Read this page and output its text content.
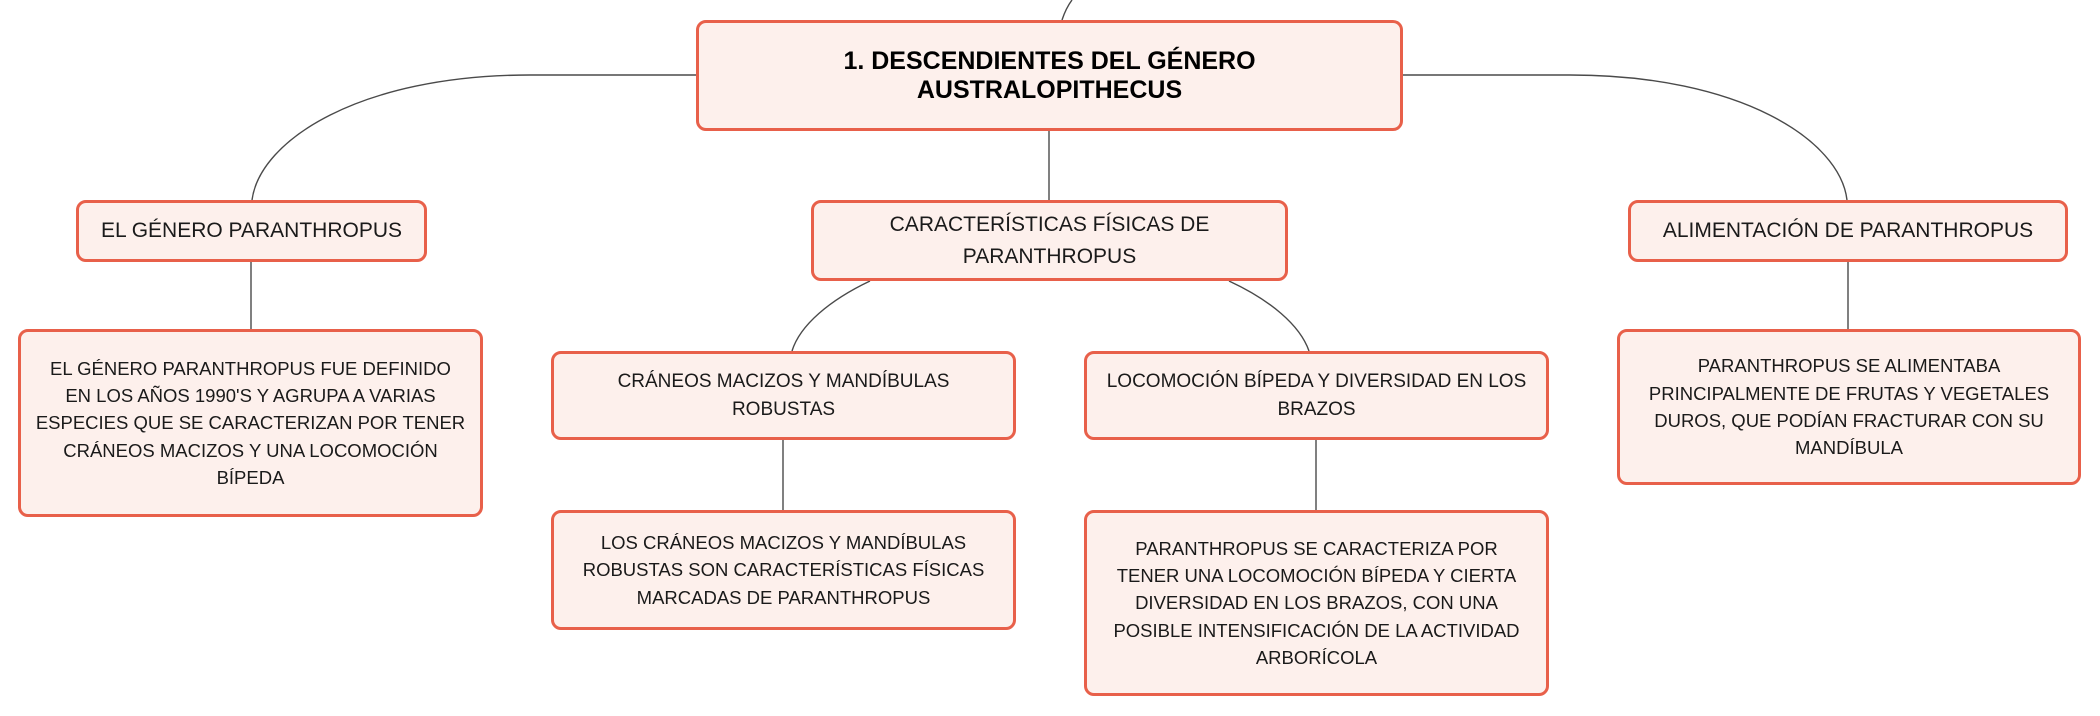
1. DESCENDIENTES DEL GÉNERO AUSTRALOPITHECUS
EL GÉNERO PARANTHROPUS	CARACTERÍSTICAS FÍSICAS DE PARANTHROPUS
ALIMENTACIÓN DE PARANTHROPUS
EL GÉNERO PARANTHROPUS FUE DEFINIDO EN LOS AÑOS 1990'S Y AGRUPA A VARIAS ESPECIES QUE SE CARACTERIZAN POR TENER CRÁNEOS MACIZOS Y UNA LOCOMOCIÓN BÍPEDA
CRÁNEOS MACIZOS Y MANDÍBULAS ROBUSTAS
LOCOMOCIÓN BÍPEDA Y DIVERSIDAD EN LOS BRAZOS
PARANTHROPUS SE ALIMENTABA PRINCIPALMENTE DE FRUTAS Y VEGETALES DUROS, QUE PODÍAN FRACTURAR CON SU MANDÍBULA
LOS CRÁNEOS MACIZOS Y MANDÍBULAS ROBUSTAS SON CARACTERÍSTICAS FÍSICAS MARCADAS DE PARANTHROPUS
PARANTHROPUS SE CARACTERIZA POR TENER UNA LOCOMOCIÓN BÍPEDA Y CIERTA DIVERSIDAD EN LOS BRAZOS, CON UNA POSIBLE INTENSIFICACIÓN DE LA ACTIVIDAD ARBORÍCOLA
